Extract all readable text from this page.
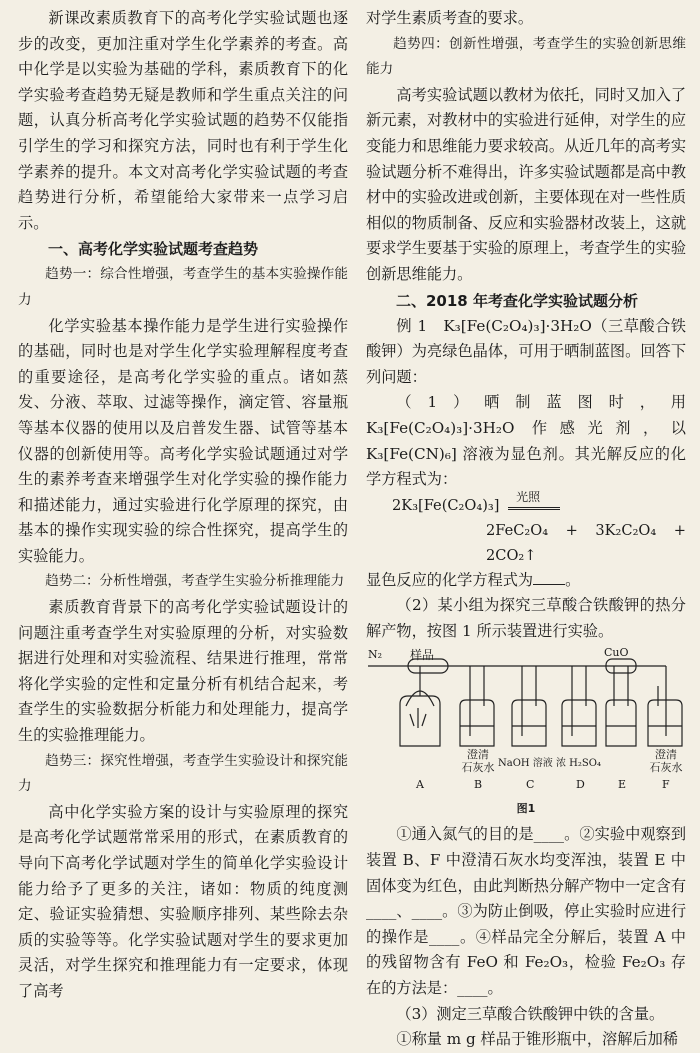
新课改素质教育下的高考化学实验试题也逐步的改变，更加注重对学生化学素养的考查。高中化学是以实验为基础的学科，素质教育下的化学实验考查趋势无疑是教师和学生重点关注的问题，认真分析高考化学实验试题的趋势不仅能指引学生的学习和探究方法，同时也有利于学生化学素养的提升。本文对高考化学实验试题的考查趋势进行分析，希望能给大家带来一点学习启示。

一、高考化学实验试题考查趋势

趋势一：综合性增强，考查学生的基本实验操作能力

化学实验基本操作能力是学生进行实验操作的基础，同时也是对学生化学实验理解程度考查的重要途径，是高考化学实验的重点。诸如蒸发、分液、萃取、过滤等操作，滴定管、容量瓶等基本仪器的使用以及启普发生器、试管等基本仪器的创新使用等。高考化学实验试题通过对学生的素养考查来增强学生对化学实验的操作能力和描述能力，通过实验进行化学原理的探究，由基本的操作实现实验的综合性探究，提高学生的实验能力。

趋势二：分析性增强，考查学生实验分析推理能力

素质教育背景下的高考化学实验试题设计的问题注重考查学生对实验原理的分析，对实验数据进行处理和对实验流程、结果进行推理，常常将化学实验的定性和定量分析有机结合起来，考查学生的实验数据分析能力和处理能力，提高学生的实验推理能力。

趋势三：探究性增强，考查学生实验设计和探究能力

高中化学实验方案的设计与实验原理的探究是高考化学试题常常采用的形式，在素质教育的导向下高考化学试题对学生的简单化学实验设计能力给予了更多的关注，诸如：物质的纯度测定、验证实验猜想、实验顺序排列、某些除去杂质的实验等等。化学实验试题对学生的要求更加灵活，对学生探究和推理能力有一定要求，体现了高考

对学生素质考查的要求。

趋势四：创新性增强，考查学生的实验创新思维能力

高考实验试题以教材为依托，同时又加入了新元素，对教材中的实验进行延伸，对学生的应变能力和思维能力要求较高。从近几年的高考实验试题分析不难得出，许多实验试题都是高中教材中的实验改进或创新，主要体现在对一些性质相似的物质制备、反应和实验器材改装上，这就要求学生要基于实验的原理上，考查学生的实验创新思维能力。

二、2018 年考查化学实验试题分析

例 1　K₃[Fe(C₂O₄)₃]·3H₂O（三草酸合铁酸钾）为亮绿色晶体，可用于晒制蓝图。回答下列问题：

（1）晒制蓝图时，用 K₃[Fe(C₂O₄)₃]·3H₂O 作感光剂，以 K₃[Fe(CN)₆] 溶液为显色剂。其光解反应的化学方程式为：

2K₃[Fe(C₂O₄)₃] 光照

2FeC₂O₄ + 3K₂C₂O₄ + 2CO₂↑

显色反应的化学方程式为 。

（2）某小组为探究三草酸合铁酸钾的热分解产物，按图 1 所示装置进行实验。

N₂ 样品	CuO
澄清
石灰水 NaOH 溶液 浓 H₂SO₄
澄清
石灰水
A	B	C	D	E	F

图1

①通入氮气的目的是____。②实验中观察到装置 B、F 中澄清石灰水均变浑浊，装置 E 中固体变为红色，由此判断热分解产物中一定含有____、____。③为防止倒吸，停止实验时应进行的操作是____。④样品完全分解后，装置 A 中的残留物含有 FeO 和 Fe₂O₃，检验 Fe₂O₃ 存在的方法是：____。

（3）测定三草酸合铁酸钾中铁的含量。

①称量 m g 样品于锥形瓶中，溶解后加稀
